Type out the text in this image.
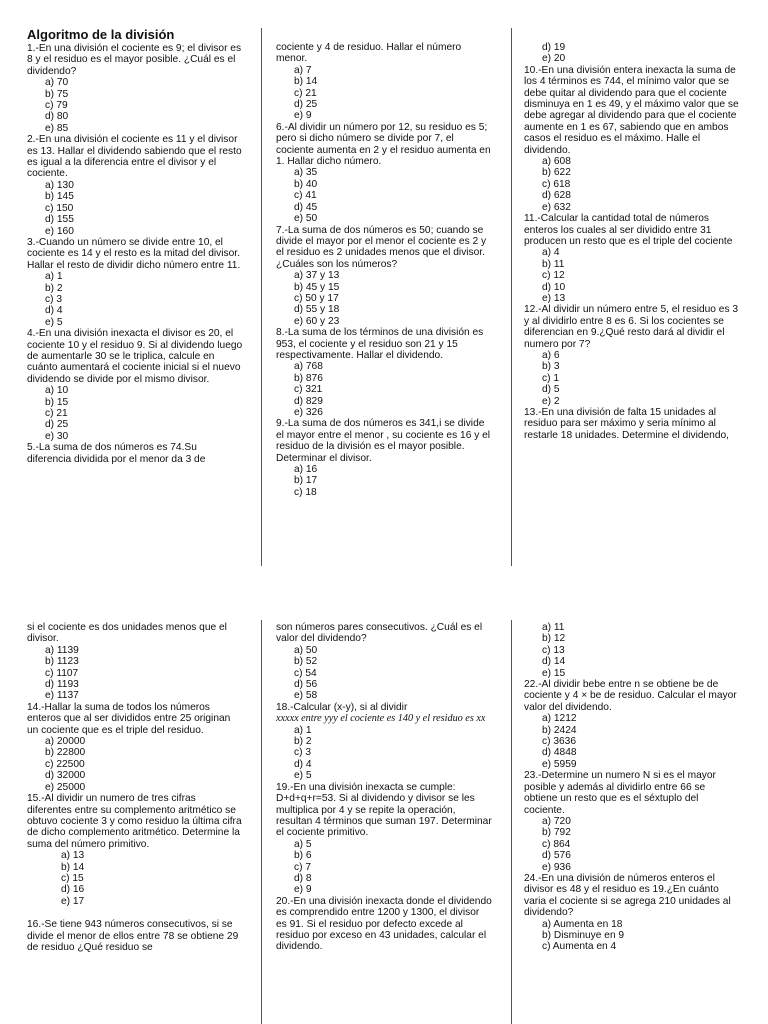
Algoritmo de la división
1.-En una división el cociente es 9; el divisor es 8 y el residuo es el mayor posible. ¿Cuál es el dividendo?
a) 70
b) 75
c) 79
d) 80
e) 85
2.-En una división el cociente es 11 y el divisor es 13. Hallar el dividendo sabiendo que el resto es igual a la diferencia entre el divisor y el cociente.
a) 130
b) 145
c) 150
d) 155
e) 160
3.-Cuando un número se divide entre 10, el cociente es 14 y el resto es la mitad del divisor. Hallar el resto de dividir dicho número entre 11.
a) 1
b) 2
c) 3
d) 4
e) 5
4.-En una división inexacta el divisor es 20, el cociente 10 y el residuo 9. Si al dividendo luego de aumentarle 30 se le triplica, calcule en cuánto aumentará el cociente inicial si el nuevo dividendo se divide por el mismo divisor.
a) 10
b) 15
c) 21
d) 25
e) 30
5.-La suma de dos números es 74.Su diferencia dividida por el menor da 3 de
cociente y 4 de residuo. Hallar el número menor.
a) 7
b) 14
c) 21
d) 25
e) 9
6.-Al dividir un número por 12, su residuo es 5; pero si dicho número se divide por 7, el cociente aumenta en 2 y el residuo aumenta en 1. Hallar dicho número.
a) 35
b) 40
c) 41
d) 45
e) 50
7.-La suma de dos números es 50; cuando se divide el mayor por el menor el cociente es 2 y el residuo es 2 unidades menos que el divisor. ¿Cuáles son los números?
a) 37 y 13
b) 45 y 15
c) 50 y 17
d) 55 y 18
e) 60 y 23
8.-La suma de los términos de una división es 953, el cociente y el residuo son 21 y 15 respectivamente. Hallar el dividendo.
a) 768
b) 876
c) 321
d) 829
e) 326
9.-La suma de dos números es 341,i se divide el mayor entre el menor , su cociente es 16 y el residuo de la división es el mayor posible. Determinar el divisor.
a) 16
b) 17
c) 18
d) 19
e) 20
10.-En una división entera inexacta la suma de los 4 términos es 744, el mínimo valor que se debe quitar al dividendo para que el cociente disminuya en 1 es 49, y el máximo valor que se debe agregar al dividendo para que el cociente aumente en 1 es 67, sabiendo que en ambos casos el residuo es el máximo. Halle el dividendo.
a) 608
b) 622
c) 618
d) 628
e) 632
11.-Calcular la cantidad total de números enteros los cuales al ser dividido entre 31 producen un resto que es el triple del cociente
a) 4
b) 11
c) 12
d) 10
e) 13
12.-Al dividir un número entre 5, el residuo es 3 y al dividirlo entre 8 es 6. Si los cocientes se diferencian en 9.¿Qué resto dará al dividir el numero por 7?
a) 6
b) 3
c) 1
d) 5
e) 2
13.-En una división de falta 15 unidades al residuo para ser máximo y seria mínimo al restarle 18 unidades. Determine el dividendo,
si el cociente es dos unidades menos que el divisor.
a) 1139
b) 1123
c) 1107
d) 1193
e) 1137
14.-Hallar la suma de todos los números enteros que al ser divididos entre 25 originan un cociente que es el triple del residuo.
a) 20000
b) 22800
c) 22500
d) 32000
e) 25000
15.-Al dividir un numero de tres cifras diferentes entre su complemento aritmético se obtuvo cociente 3 y como residuo la última cifra de dicho complemento aritmético. Determine la suma del número primitivo.
a) 13
b) 14
c) 15
d) 16
e) 17
16.-Se tiene 943 números consecutivos, si se divide el menor de ellos entre 78 se obtiene 29 de residuo ¿Qué residuo se
son números pares consecutivos. ¿Cuál es el valor del dividendo?
a) 50
b) 52
c) 54
d) 56
e) 58
18.-Calcular (x-y), si al dividir
xxxxx entre yyy el cociente es 140 y el residuo es xx
a) 1
b) 2
c) 3
d) 4
e) 5
19.-En una división inexacta se cumple: D+d+q+r=53. Si al dividendo y divisor se les multiplica por 4 y se repite la operación, resultan 4 términos que suman 197. Determinar el cociente primitivo.
a) 5
b) 6
c) 7
d) 8
e) 9
20.-En una división inexacta donde el dividendo es comprendido entre 1200 y 1300, el divisor es 91. Si el residuo por defecto excede al residuo por exceso en 43 unidades, calcular el dividendo.
a) 11
b) 12
c) 13
d) 14
e) 15
22.-Al dividir bebe entre n se obtiene be de cociente y 4 × be de residuo. Calcular el mayor valor del dividendo.
a) 1212
b) 2424
c) 3636
d) 4848
e) 5959
23.-Determine un numero N si es el mayor posible y además al dividirlo entre 66 se obtiene un resto que es el séxtuplo del cociente.
a) 720
b) 792
c) 864
d) 576
e) 936
24.-En una división de números enteros el divisor es 48 y el residuo es 19.¿En cuánto varia el cociente si se agrega 210 unidades al dividendo?
a) Aumenta en 18
b) Disminuye en 9
c) Aumenta en 4
